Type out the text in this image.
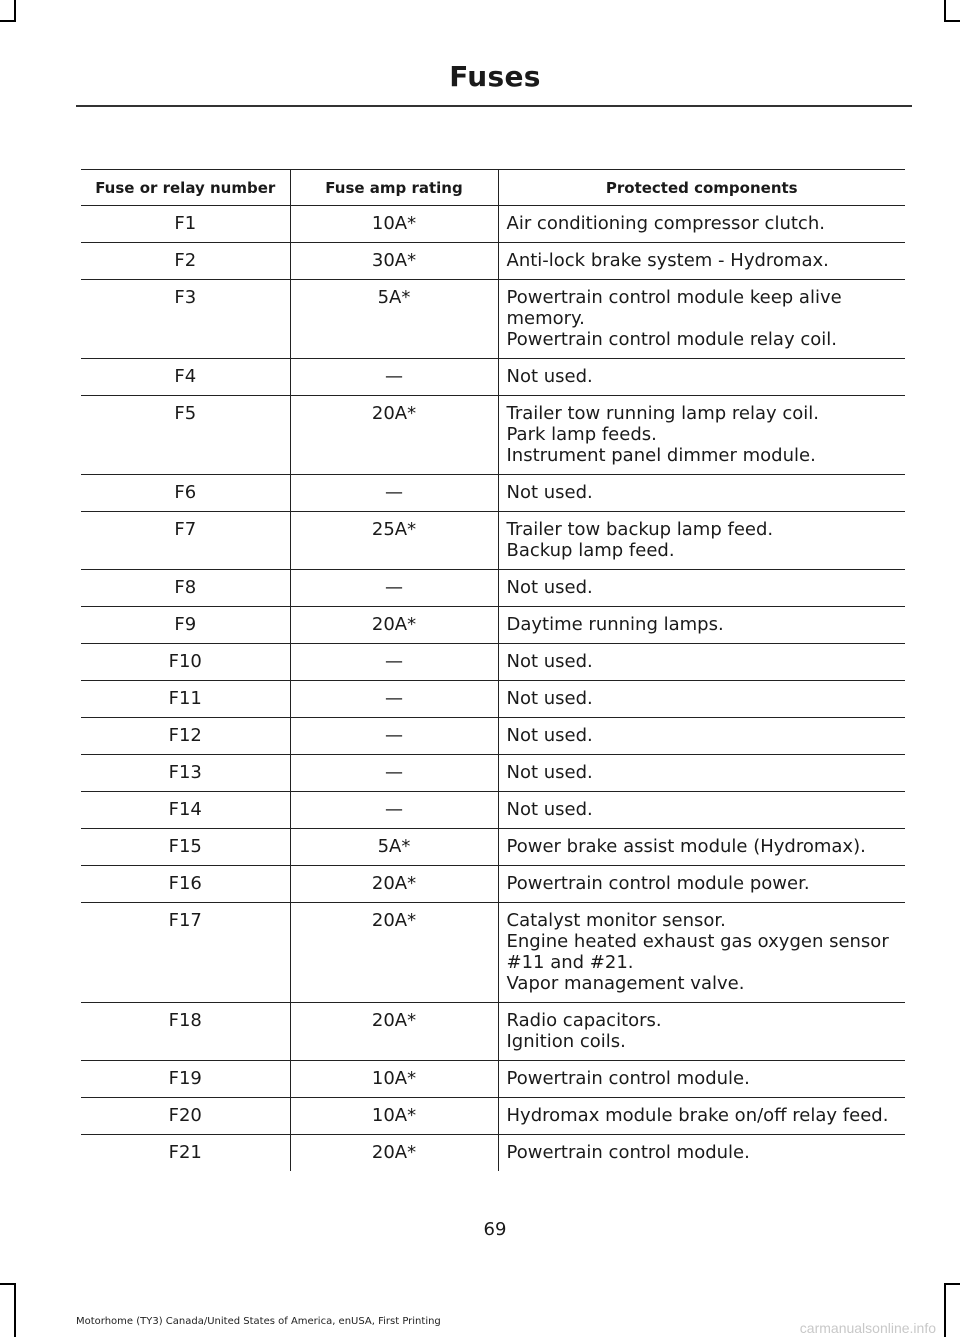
Fuses
Fuse or relay number	Fuse amp rating	Protected components
F1	10A*	Air conditioning compressor clutch.

F2	30A*	Anti-lock brake system - Hydromax.

F3	5A*	Powertrain control module keep alive
memory.
Powertrain control module relay coil.

F4	—	Not used.

F5	20A*	Trailer tow running lamp relay coil.
Park lamp feeds.
Instrument panel dimmer module.

F6	—	Not used.

F7	25A*	Trailer tow backup lamp feed.
Backup lamp feed.

F8	—	Not used.

F9	20A*	Daytime running lamps.

F10	—	Not used.

F11	—	Not used.

F12	—	Not used.

F13	—	Not used.

F14	—	Not used.

F15	5A*	Power brake assist module (Hydromax).

F16	20A*	Powertrain control module power.

F17	20A*	Catalyst monitor sensor.
Engine heated exhaust gas oxygen sensor
#11 and #21.
Vapor management valve.

F18	20A*	Radio capacitors.
Ignition coils.

F19	10A*	Powertrain control module.

F20	10A*	Hydromax module brake on/off relay feed.

F21	20A*	Powertrain control module.
69
Motorhome (TY3) Canada/United States of America, enUSA, First Printing	carmanualsonline.info
